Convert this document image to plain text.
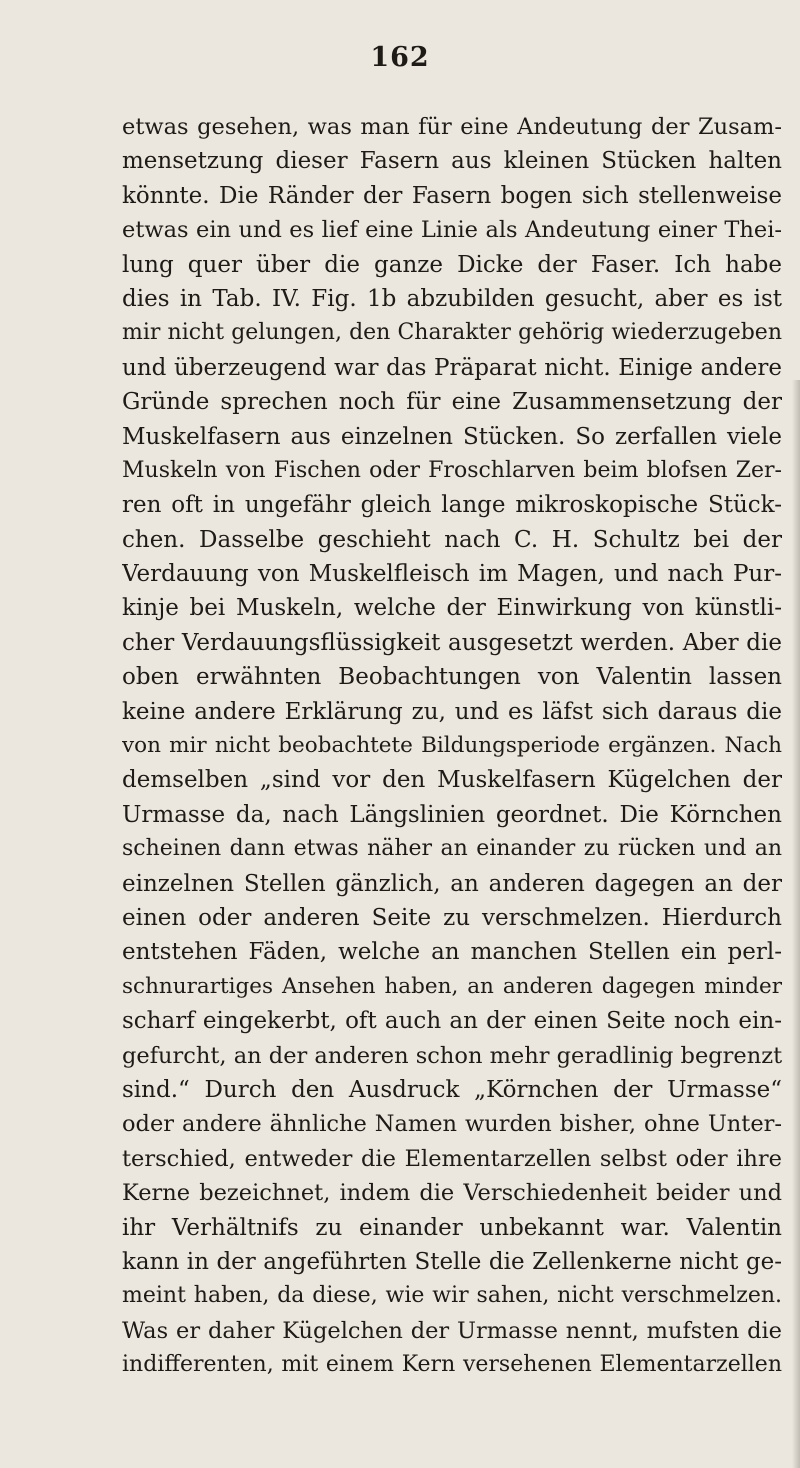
162
etwas gesehen, was man für eine Andeutung der Zusam-
mensetzung dieser Fasern aus kleinen Stücken halten
könnte. Die Ränder der Fasern bogen sich stellenweise
etwas ein und es lief eine Linie als Andeutung einer Thei-
lung quer über die ganze Dicke der Faser. Ich habe
dies in Tab. IV. Fig. 1b abzubilden gesucht, aber es ist
mir nicht gelungen, den Charakter gehörig wiederzugeben
und überzeugend war das Präparat nicht. Einige andere
Gründe sprechen noch für eine Zusammensetzung der
Muskelfasern aus einzelnen Stücken. So zerfallen viele
Muskeln von Fischen oder Froschlarven beim blofsen Zer-
ren oft in ungefähr gleich lange mikroskopische Stück-
chen. Dasselbe geschieht nach C. H. Schultz bei der
Verdauung von Muskelfleisch im Magen, und nach Pur-
kinje bei Muskeln, welche der Einwirkung von künstli-
cher Verdauungsflüssigkeit ausgesetzt werden. Aber die
oben erwähnten Beobachtungen von Valentin lassen
keine andere Erklärung zu, und es läfst sich daraus die
von mir nicht beobachtete Bildungsperiode ergänzen. Nach
demselben „sind vor den Muskelfasern Kügelchen der
Urmasse da, nach Längslinien geordnet. Die Körnchen
scheinen dann etwas näher an einander zu rücken und an
einzelnen Stellen gänzlich, an anderen dagegen an der
einen oder anderen Seite zu verschmelzen. Hierdurch
entstehen Fäden, welche an manchen Stellen ein perl-
schnurartiges Ansehen haben, an anderen dagegen minder
scharf eingekerbt, oft auch an der einen Seite noch ein-
gefurcht, an der anderen schon mehr geradlinig begrenzt
sind.“ Durch den Ausdruck „Körnchen der Urmasse“
oder andere ähnliche Namen wurden bisher, ohne Unter-
terschied, entweder die Elementarzellen selbst oder ihre
Kerne bezeichnet, indem die Verschiedenheit beider und
ihr Verhältnifs zu einander unbekannt war. Valentin
kann in der angeführten Stelle die Zellenkerne nicht ge-
meint haben, da diese, wie wir sahen, nicht verschmelzen.
Was er daher Kügelchen der Urmasse nennt, mufsten die
indifferenten, mit einem Kern versehenen Elementarzellen
